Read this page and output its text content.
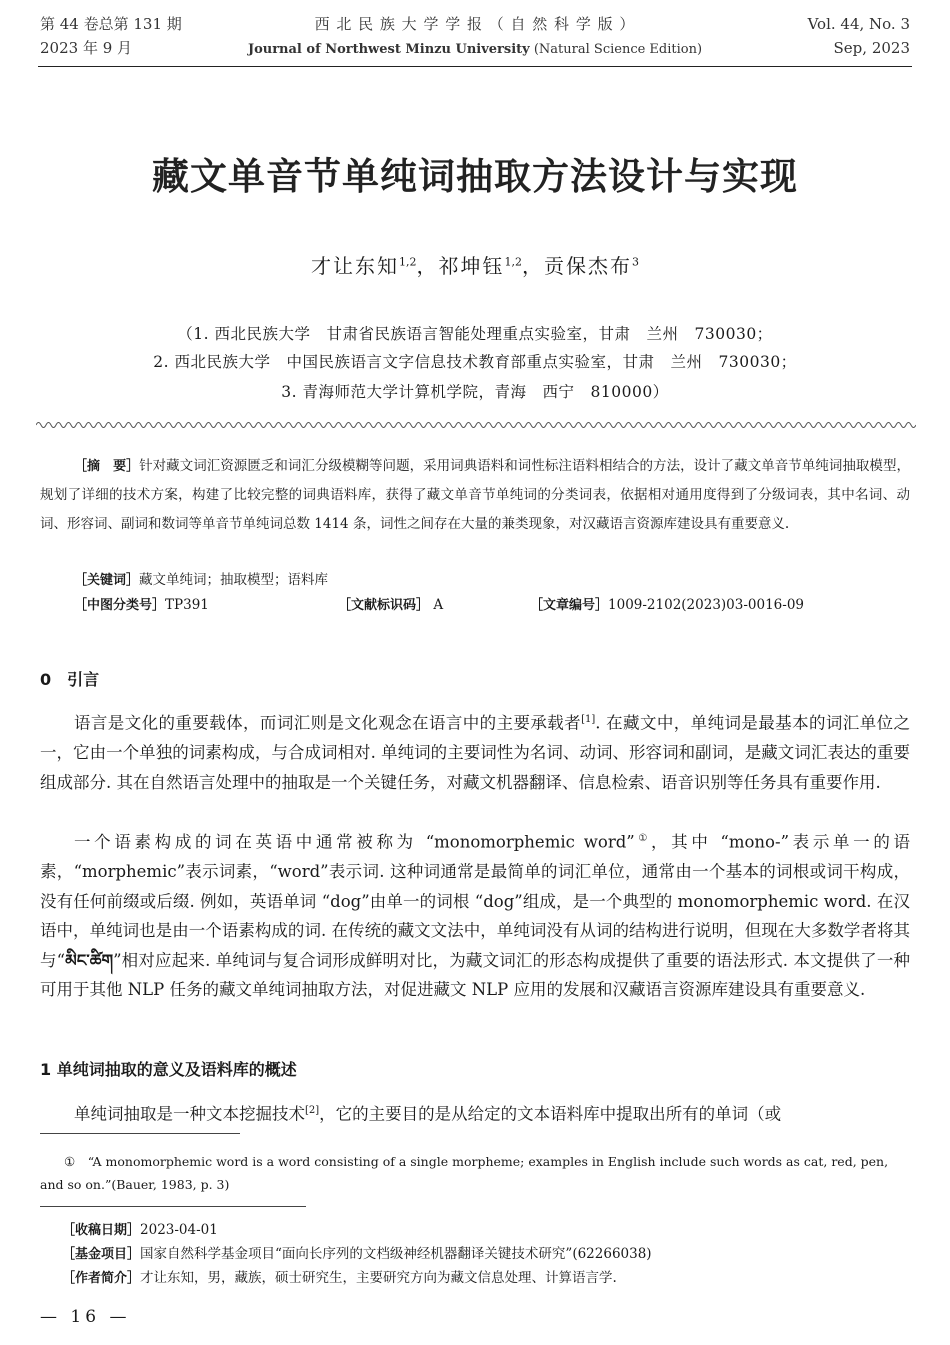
第 44 卷总第 131 期
2023 年 9 月
西 北 民 族 大 学 学 报 （ 自 然 科 学 版 ）
Journal of Northwest Minzu University (Natural Science Edition)
Vol. 44, No. 3
Sep, 2023
藏文单音节单纯词抽取方法设计与实现
才让东知$^{1,2}$，祁坤钰$^{1,2}$，贡保杰布$^3$
（1. 西北民族大学　甘肃省民族语言智能处理重点实验室，甘肃　兰州　730030；
2. 西北民族大学　中国民族语言文字信息技术教育部重点实验室，甘肃　兰州　730030；
3. 青海师范大学计算机学院，青海　西宁　810000）
［摘　要］针对藏文词汇资源匮乏和词汇分级模糊等问题，采用词典语料和词性标注语料相结合的方法，设计了藏文单音节单纯词抽取模型，规划了详细的技术方案，构建了比较完整的词典语料库，获得了藏文单音节单纯词的分类词表，依据相对通用度得到了分级词表，其中名词、动词、形容词、副词和数词等单音节单纯词总数 1414 条，词性之间存在大量的兼类现象，对汉藏语言资源库建设具有重要意义.
［关键词］藏文单纯词；抽取模型；语料库
［中图分类号］TP391	［文献标识码］ A	［文章编号］1009-2102(2023)03-0016-09
0　引言

语言是文化的重要载体，而词汇则是文化观念在语言中的主要承载者[1]. 在藏文中，单纯词是最基本的词汇单位之一，它由一个单独的词素构成，与合成词相对. 单纯词的主要词性为名词、动词、形容词和副词，是藏文词汇表达的重要组成部分. 其在自然语言处理中的抽取是一个关键任务，对藏文机器翻译、信息检索、语音识别等任务具有重要作用.

一个语素构成的词在英语中通常被称为 “monomorphemic word”①，其中 “mono-”表示单一的语素，“morphemic”表示词素，“word”表示词. 这种词通常是最简单的词汇单位，通常由一个基本的词根或词干构成，没有任何前缀或后缀. 例如，英语单词 “dog”由单一的词根 “dog”组成，是一个典型的 monomorphemic word. 在汉语中，单纯词也是由一个语素构成的词. 在传统的藏文文法中，单纯词没有从词的结构进行说明，但现在大多数学者将其与“མིང་ཚིག”相对应起来. 单纯词与复合词形成鲜明对比，为藏文词汇的形态构成提供了重要的语法形式. 本文提供了一种可用于其他 NLP 任务的藏文单纯词抽取方法，对促进藏文 NLP 应用的发展和汉藏语言资源库建设具有重要意义.

1 单纯词抽取的意义及语料库的概述

单纯词抽取是一种文本挖掘技术[2]，它的主要目的是从给定的文本语料库中提取出所有的单词（或

①　 “A monomorphemic word is a word consisting of a single morpheme; examples in English include such words as cat, red, pen, and so on.”(Bauer, 1983, p. 3)
［收稿日期］2023-04-01
［基金项目］国家自然科学基金项目“面向长序列的文档级神经机器翻译关键技术研究”(62266038)
［作者简介］才让东知，男，藏族，硕士研究生，主要研究方向为藏文信息处理、计算语言学.
— 16 —
